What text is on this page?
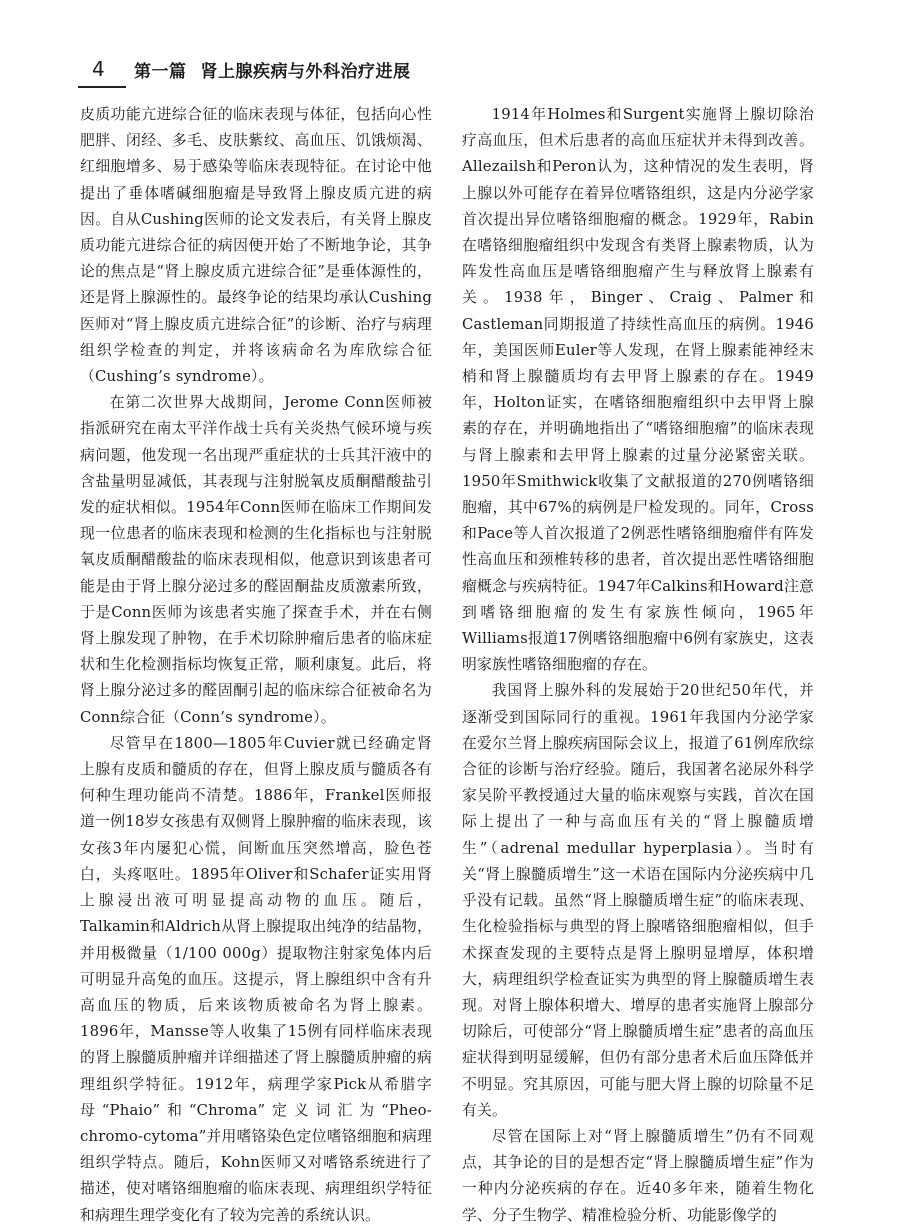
4	第一篇 肾上腺疾病与外科治疗进展

皮质功能亢进综合征的临床表现与体征，包括向心性肥胖、闭经、多毛、皮肤紫纹、高血压、饥饿烦渴、红细胞增多、易于感染等临床表现特征。在讨论中他提出了垂体嗜碱细胞瘤是导致肾上腺皮质亢进的病因。自从Cushing医师的论文发表后，有关肾上腺皮质功能亢进综合征的病因便开始了不断地争论，其争论的焦点是“肾上腺皮质亢进综合征”是垂体源性的，还是肾上腺源性的。最终争论的结果均承认Cushing医师对“肾上腺皮质亢进综合征”的诊断、治疗与病理组织学检查的判定，并将该病命名为库欣综合征（Cushing’s syndrome）。

在第二次世界大战期间，Jerome Conn医师被指派研究在南太平洋作战士兵有关炎热气候环境与疾病问题，他发现一名出现严重症状的士兵其汗液中的含盐量明显减低，其表现与注射脱氧皮质酮醋酸盐引发的症状相似。1954年Conn医师在临床工作期间发现一位患者的临床表现和检测的生化指标也与注射脱氧皮质酮醋酸盐的临床表现相似，他意识到该患者可能是由于肾上腺分泌过多的醛固酮盐皮质激素所致，于是Conn医师为该患者实施了探查手术，并在右侧肾上腺发现了肿物，在手术切除肿瘤后患者的临床症状和生化检测指标均恢复正常，顺利康复。此后，将肾上腺分泌过多的醛固酮引起的临床综合征被命名为Conn综合征（Conn’s syndrome）。

尽管早在1800—1805年Cuvier就已经确定肾上腺有皮质和髓质的存在，但肾上腺皮质与髓质各有何种生理功能尚不清楚。1886年，Frankel医师报道一例18岁女孩患有双侧肾上腺肿瘤的临床表现，该女孩3年内屡犯心慌，间断血压突然增高，脸色苍白，头疼呕吐。1895年Oliver和Schafer证实用肾上腺浸出液可明显提高动物的血压。随后，Talkamin和Aldrich从肾上腺提取出纯净的结晶物，并用极微量（1/100 000g）提取物注射家兔体内后可明显升高兔的血压。这提示，肾上腺组织中含有升高血压的物质，后来该物质被命名为肾上腺素。1896年，Mansse等人收集了15例有同样临床表现的肾上腺髓质肿瘤并详细描述了肾上腺髓质肿瘤的病理组织学特征。1912年，病理学家Pick从希腊字母“Phaio”和“Chroma”定义词汇为“Pheo-chromo-cytoma”并用嗜铬染色定位嗜铬细胞和病理组织学特点。随后，Kohn医师又对嗜铬系统进行了描述，使对嗜铬细胞瘤的临床表现、病理组织学特征和病理生理学变化有了较为完善的系统认识。

1914年Holmes和Surgent实施肾上腺切除治疗高血压，但术后患者的高血压症状并未得到改善。Allezailsh和Peron认为，这种情况的发生表明，肾上腺以外可能存在着异位嗜铬组织，这是内分泌学家首次提出异位嗜铬细胞瘤的概念。1929年，Rabin在嗜铬细胞瘤组织中发现含有类肾上腺素物质，认为阵发性高血压是嗜铬细胞瘤产生与释放肾上腺素有关。1938年，Binger、Craig、Palmer和Castleman同期报道了持续性高血压的病例。1946年，美国医师Euler等人发现，在肾上腺素能神经末梢和肾上腺髓质均有去甲肾上腺素的存在。1949年，Holton证实，在嗜铬细胞瘤组织中去甲肾上腺素的存在，并明确地指出了“嗜铬细胞瘤”的临床表现与肾上腺素和去甲肾上腺素的过量分泌紧密关联。1950年Smithwick收集了文献报道的270例嗜铬细胞瘤，其中67%的病例是尸检发现的。同年，Cross和Pace等人首次报道了2例恶性嗜铬细胞瘤伴有阵发性高血压和颈椎转移的患者，首次提出恶性嗜铬细胞瘤概念与疾病特征。1947年Calkins和Howard注意到嗜铬细胞瘤的发生有家族性倾向，1965年Williams报道17例嗜铬细胞瘤中6例有家族史，这表明家族性嗜铬细胞瘤的存在。

我国肾上腺外科的发展始于20世纪50年代，并逐渐受到国际同行的重视。1961年我国内分泌学家在爱尔兰肾上腺疾病国际会议上，报道了61例库欣综合征的诊断与治疗经验。随后，我国著名泌尿外科学家吴阶平教授通过大量的临床观察与实践，首次在国际上提出了一种与高血压有关的“肾上腺髓质增生”（adrenal medullar hyperplasia）。当时有关“肾上腺髓质增生”这一术语在国际内分泌疾病中几乎没有记载。虽然“肾上腺髓质增生症”的临床表现、生化检验指标与典型的肾上腺嗜铬细胞瘤相似，但手术探查发现的主要特点是肾上腺明显增厚，体积增大，病理组织学检查证实为典型的肾上腺髓质增生表现。对肾上腺体积增大、增厚的患者实施肾上腺部分切除后，可使部分“肾上腺髓质增生症”患者的高血压症状得到明显缓解，但仍有部分患者术后血压降低并不明显。究其原因，可能与肥大肾上腺的切除量不足有关。

尽管在国际上对“肾上腺髓质增生”仍有不同观点，其争论的目的是想否定“肾上腺髓质增生症”作为一种内分泌疾病的存在。近40多年来，随着生物化学、分子生物学、精准检验分析、功能影像学的
